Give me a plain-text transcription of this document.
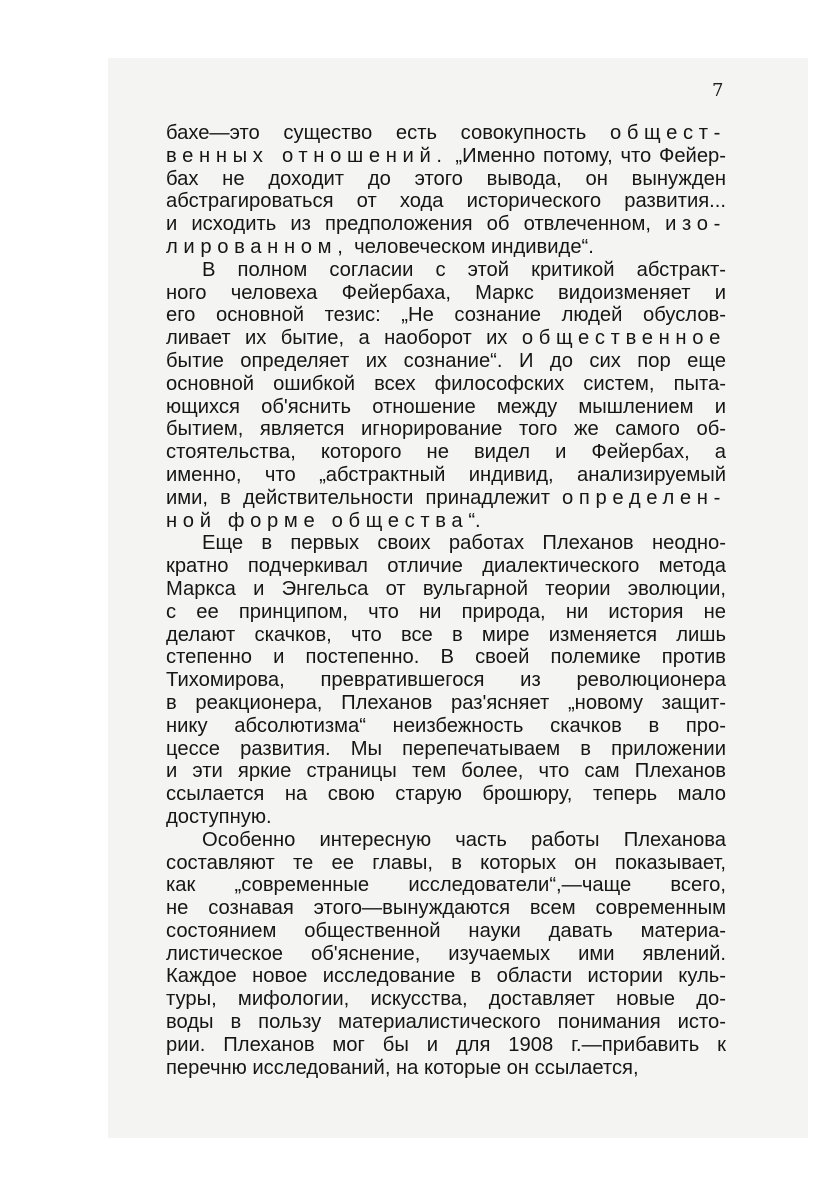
7
бахе—это существо есть совокупность общест-
венных отношений. „Именно потому, что Фейер-
бах не доходит до этого вывода, он вынужден
абстрагироваться от хода исторического развития...
и исходить из предположения об отвлеченном, изо-
лированном, человеческом индивиде“.
В полном согласии с этой критикой абстракт-
ного человеха Фейербаха, Маркс видоизменяет и
его основной тезис: „Не сознание людей обуслов-
ливает их бытие, а наоборот их общественное
бытие определяет их сознание“. И до сих пор еще
основной ошибкой всех философских систем, пыта-
ющихся об'яснить отношение между мышлением и
бытием, является игнорирование того же самого об-
стоятельства, которого не видел и Фейербах, а
именно, что „абстрактный индивид, анализируемый
ими, в действительности принадлежит определен-
ной форме общества“.
Еще в первых своих работах Плеханов неодно-
кратно подчеркивал отличие диалектического метода
Маркса и Энгельса от вульгарной теории эволюции,
с ее принципом, что ни природа, ни история не
делают скачков, что все в мире изменяется лишь
степенно и постепенно. В своей полемике против
Тихомирова, превратившегося из революционера
в реакционера, Плеханов раз'ясняет „новому защит-
нику абсолютизма“ неизбежность скачков в про-
цессе развития. Мы перепечатываем в приложении
и эти яркие страницы тем более, что сам Плеханов
ссылается на свою старую брошюру, теперь мало
доступную.
Особенно интересную часть работы Плеханова
составляют те ее главы, в которых он показывает,
как „современные исследователи“,—чаще всего,
не сознавая этого—вынуждаются всем современным
состоянием общественной науки давать материа-
листическое об'яснение, изучаемых ими явлений.
Каждое новое исследование в области истории куль-
туры, мифологии, искусства, доставляет новые до-
воды в пользу материалистического понимания исто-
рии. Плеханов мог бы и для 1908 г.—прибавить к
перечню исследований, на которые он ссылается,
